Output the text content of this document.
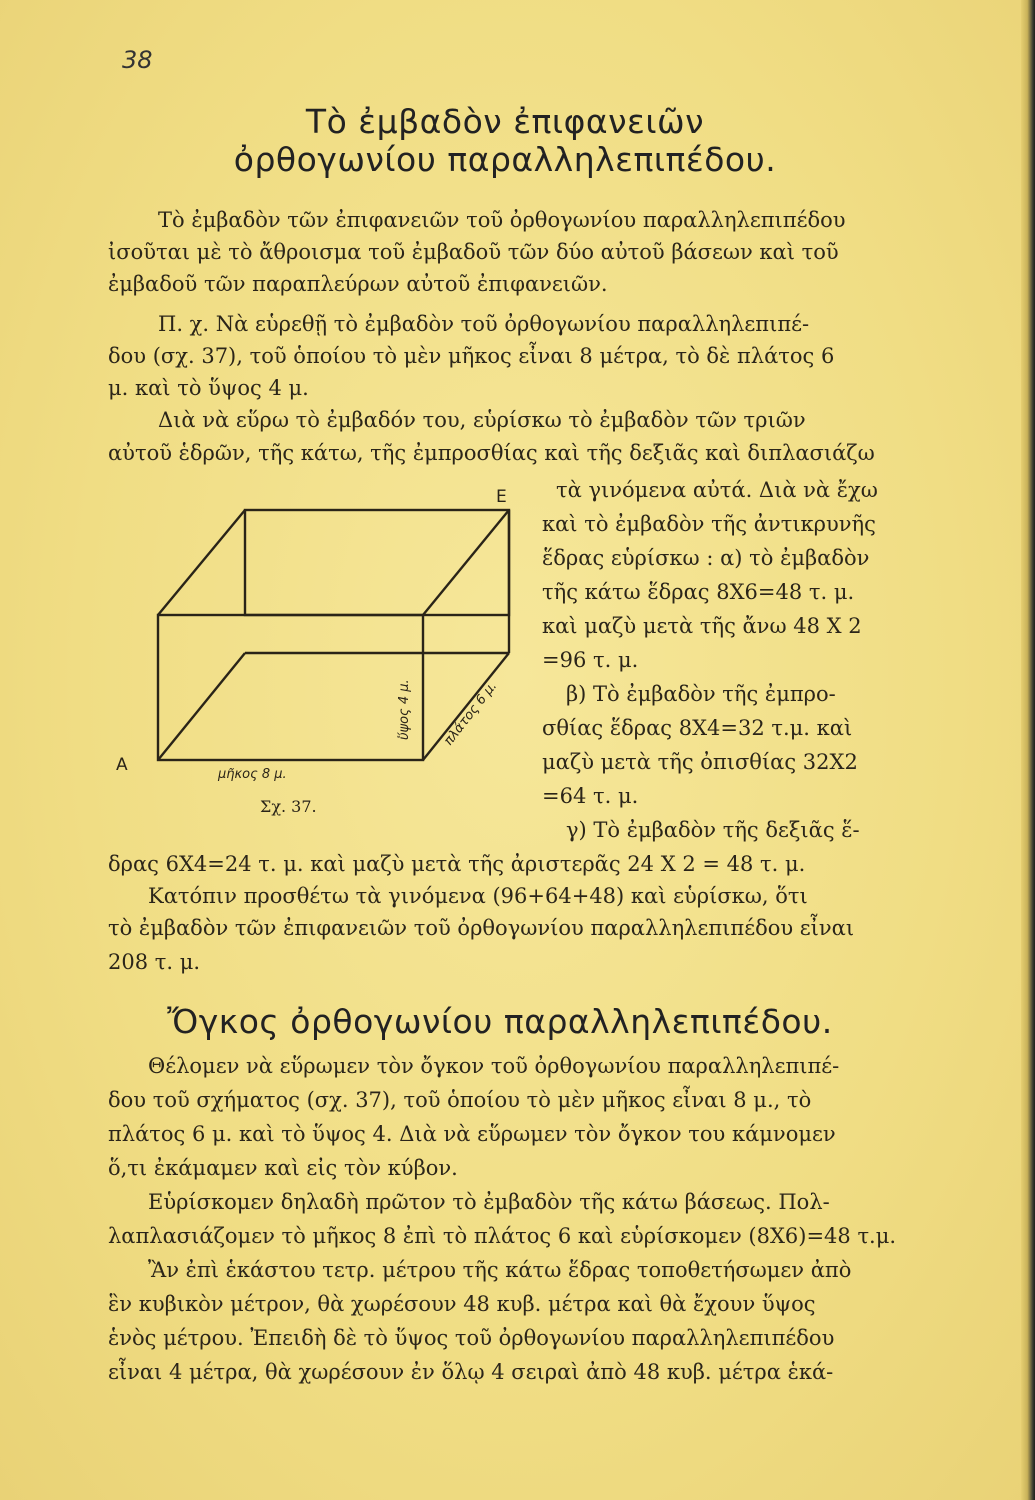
38
Τὸ ἐμβαδὸν ἐπιφανειῶν
ὀρθογωνίου παραλληλεπιπέδου.
Τὸ ἐμβαδὸν τῶν ἐπιφανειῶν τοῦ ὀρθογωνίου παραλληλεπιπέδου
ἰσοῦται μὲ τὸ ἄθροισμα τοῦ ἐμβαδοῦ τῶν δύο αὐτοῦ βάσεων καὶ τοῦ
ἐμβαδοῦ τῶν παραπλεύρων αὐτοῦ ἐπιφανειῶν.
Π. χ. Νὰ εὑρεθῇ τὸ ἐμβαδὸν τοῦ ὀρθογωνίου παραλληλεπιπέ-
δου (σχ. 37), τοῦ ὁποίου τὸ μὲν μῆκος εἶναι 8 μέτρα, τὸ δὲ πλάτος 6
μ. καὶ τὸ ὕψος 4 μ.
Διὰ νὰ εὕρω τὸ ἐμβαδόν του, εὑρίσκω τὸ ἐμβαδὸν τῶν τριῶν
αὐτοῦ ἑδρῶν, τῆς κάτω, τῆς ἐμπροσθίας καὶ τῆς δεξιᾶς καὶ διπλασιάζω
τὰ γινόμενα αὐτά. Διὰ νὰ ἔχω
καὶ τὸ ἐμβαδὸν τῆς ἀντικρυνῆς
ἕδρας εὑρίσκω : α) τὸ ἐμβαδὸν
τῆς κάτω ἕδρας 8Χ6=48 τ. μ.
καὶ μαζὺ μετὰ τῆς ἄνω 48 Χ 2
=96 τ. μ.
β) Τὸ ἐμβαδὸν τῆς ἐμπρο-
σθίας ἕδρας 8Χ4=32 τ.μ. καὶ
μαζὺ μετὰ τῆς ὀπισθίας 32Χ2
=64 τ. μ.
γ) Τὸ ἐμβαδὸν τῆς δεξιᾶς ἕ-
δρας 6Χ4=24 τ. μ. καὶ μαζὺ μετὰ τῆς ἀριστερᾶς 24 Χ 2 = 48 τ. μ.
Κατόπιν προσθέτω τὰ γινόμενα (96+64+48) καὶ εὑρίσκω, ὅτι
τὸ ἐμβαδὸν τῶν ἐπιφανειῶν τοῦ ὀρθογωνίου παραλληλεπιπέδου εἶναι
208 τ. μ.
Ε
Α	μῆκος 8 μ.
ὕψος 4 μ. πλάτος 6 μ.
Σχ. 37.
Ὄγκος ὀρθογωνίου παραλληλεπιπέδου.
Θέλομεν νὰ εὕρωμεν τὸν ὄγκον τοῦ ὀρθογωνίου παραλληλεπιπέ-
δου τοῦ σχήματος (σχ. 37), τοῦ ὁποίου τὸ μὲν μῆκος εἶναι 8 μ., τὸ
πλάτος 6 μ. καὶ τὸ ὕψος 4. Διὰ νὰ εὕρωμεν τὸν ὄγκον του κάμνομεν
ὅ,τι ἐκάμαμεν καὶ εἰς τὸν κύβον.
Εὑρίσκομεν δηλαδὴ πρῶτον τὸ ἐμβαδὸν τῆς κάτω βάσεως. Πολ-
λαπλασιάζομεν τὸ μῆκος 8 ἐπὶ τὸ πλάτος 6 καὶ εὑρίσκομεν (8Χ6)=48 τ.μ.
Ἂν ἐπὶ ἑκάστου τετρ. μέτρου τῆς κάτω ἕδρας τοποθετήσωμεν ἀπὸ
ἓν κυβικὸν μέτρον, θὰ χωρέσουν 48 κυβ. μέτρα καὶ θὰ ἔχουν ὕψος
ἑνὸς μέτρου. Ἐπειδὴ δὲ τὸ ὕψος τοῦ ὀρθογωνίου παραλληλεπιπέδου
εἶναι 4 μέτρα, θὰ χωρέσουν ἐν ὅλῳ 4 σειραὶ ἀπὸ 48 κυβ. μέτρα ἑκά-
